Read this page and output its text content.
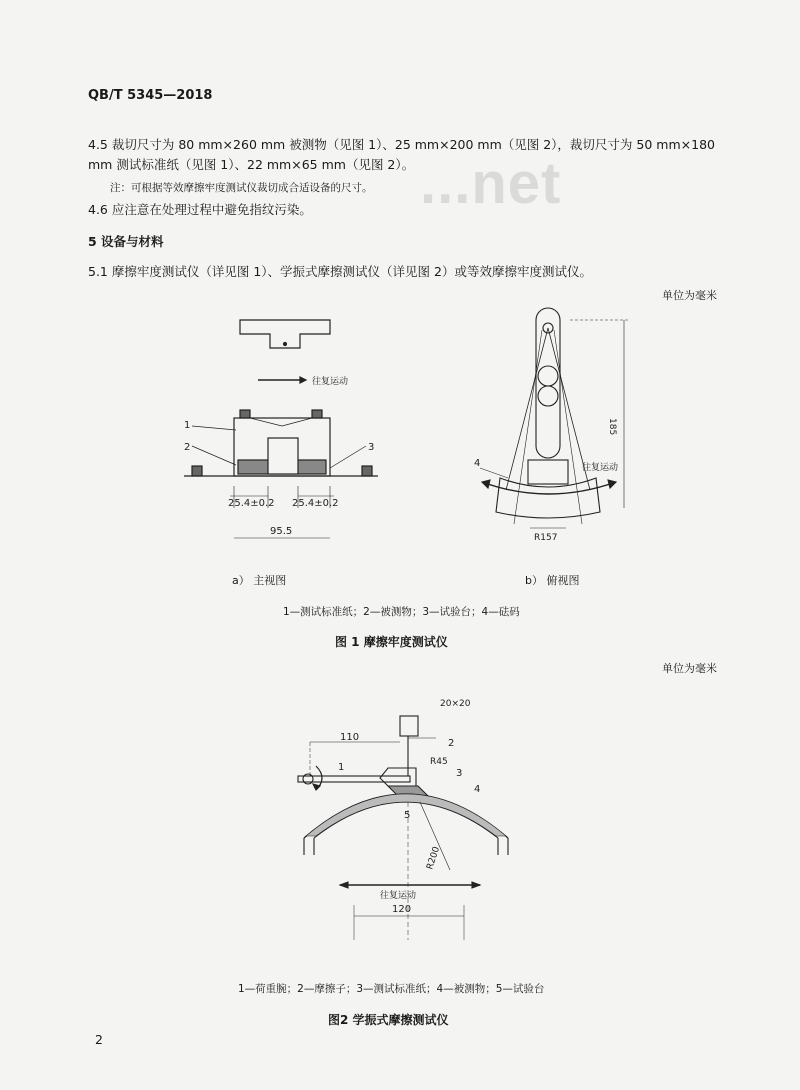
QB/T 5345—2018
...net
4.5 裁切尺寸为 80 mm×260 mm 被测物（见图 1）、25 mm×200 mm（见图 2），裁切尺寸为 50 mm×180
mm 测试标准纸（见图 1）、22 mm×65 mm（见图 2）。
注：可根据等效摩擦牢度测试仪裁切成合适设备的尺寸。
4.6 应注意在处理过程中避免指纹污染。
5 设备与材料
5.1 摩擦牢度测试仪（详见图 1）、学振式摩擦测试仪（详见图 2）或等效摩擦牢度测试仪。
单位为毫米
往复运动
1
2	3
25.4±0.2 25.4±0.2
95.5
185
R157
4	往复运动
a） 主视图	b） 俯视图
1—测试标准纸；2—被测物；3—试验台；4—砝码
图 1 摩擦牢度测试仪
单位为毫米
20×20
110
R45
R200
120
往复运动
1
2
3
4
5
1—荷重腕；2—摩擦子；3—测试标准纸；4—被测物；5—试验台
图2 学振式摩擦测试仪
2
